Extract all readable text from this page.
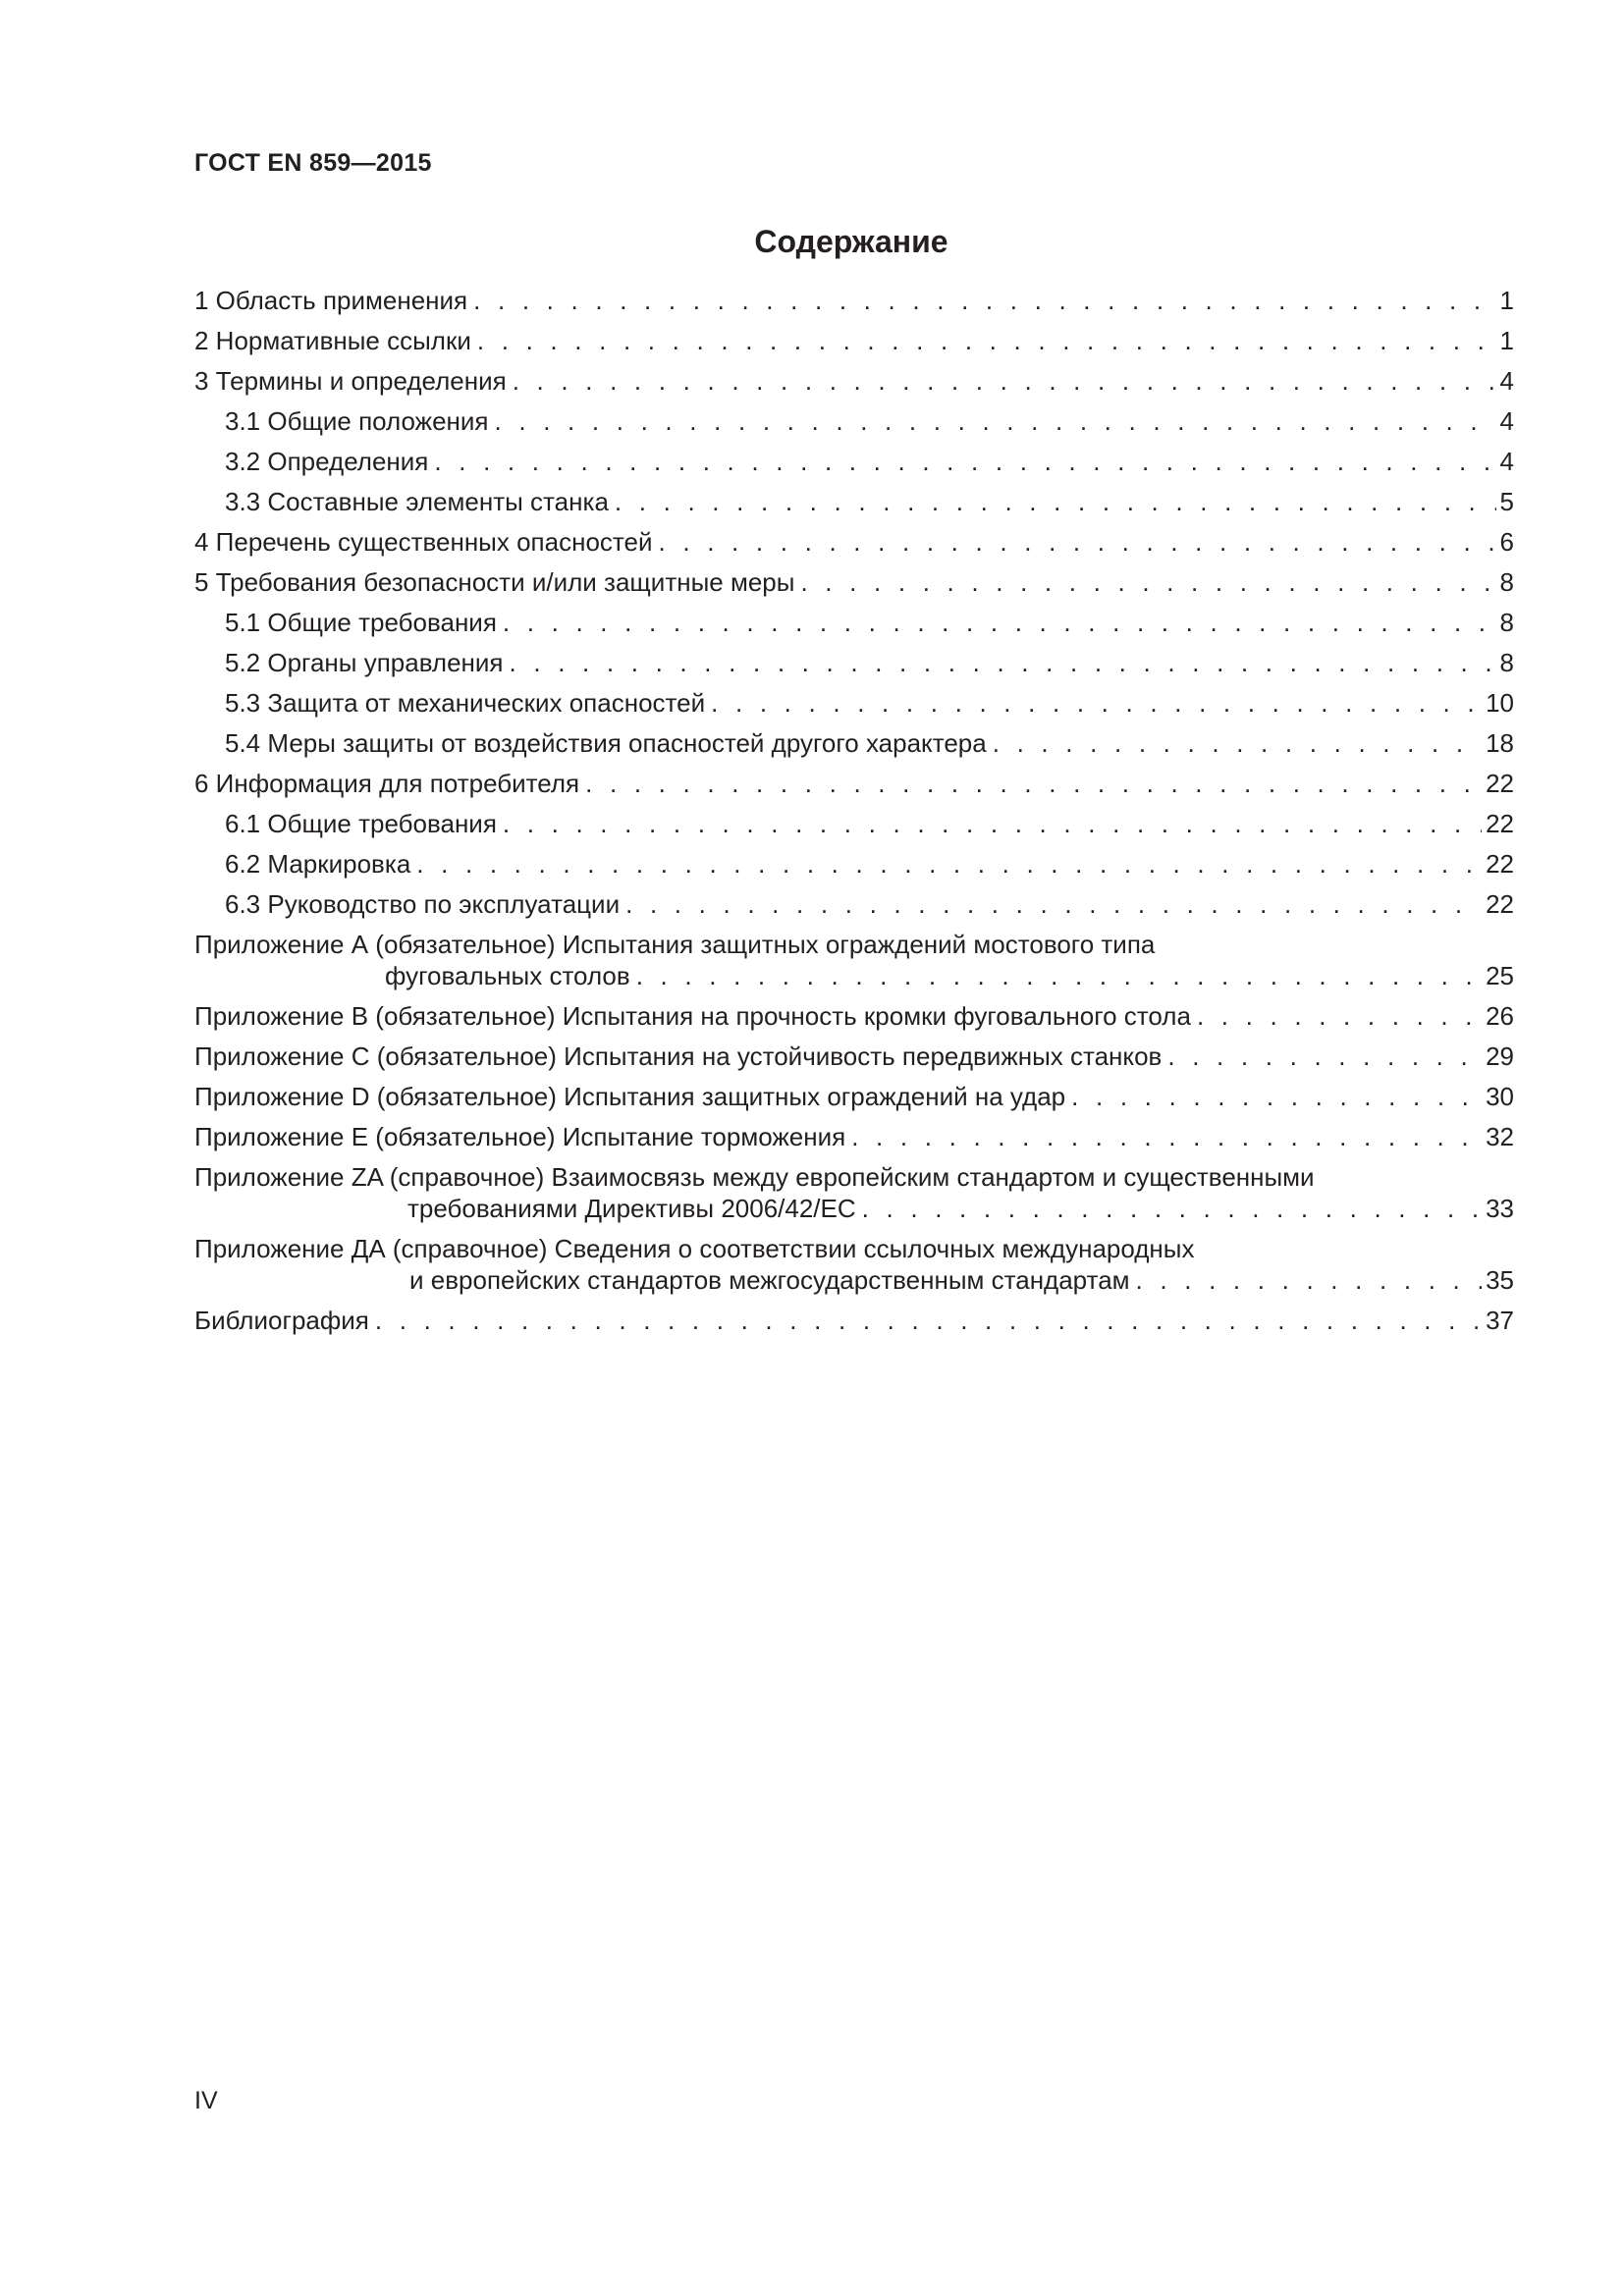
ГОСТ EN 859—2015
Содержание
1 Область применения . . .	1
2 Нормативные ссылки . . .	1
3 Термины и определения . . .	4
3.1 Общие положения . . .	4
3.2 Определения . . .	4
3.3 Составные элементы станка . . .	5
4 Перечень существенных опасностей . . .	6
5 Требования безопасности и/или защитные меры . . .	8
5.1 Общие требования . . .	8
5.2 Органы управления . . .	8
5.3 Защита от механических опасностей . . .	10
5.4 Меры защиты от воздействия опасностей другого характера . . .	18
6 Информация для потребителя . . .	22
6.1 Общие требования . . .	22
6.2 Маркировка . . .	22
6.3 Руководство по эксплуатации . . .	22
Приложение А (обязательное) Испытания защитных ограждений мостового типа
фуговальных столов . . .	25
Приложение В (обязательное) Испытания на прочность кромки фуговального стола . . .	26
Приложение С (обязательное) Испытания на устойчивость передвижных станков . . .	29
Приложение D (обязательное) Испытания защитных ограждений на удар . . .	30
Приложение Е (обязательное) Испытание торможения . . .	32
Приложение ZA (справочное) Взаимосвязь между европейским стандартом и существенными
требованиями Директивы 2006/42/ЕС . . .	33
Приложение ДА (справочное) Сведения о соответствии ссылочных международных
и европейских стандартов межгосударственным стандартам . . .	35
Библиография . . .	37
IV
